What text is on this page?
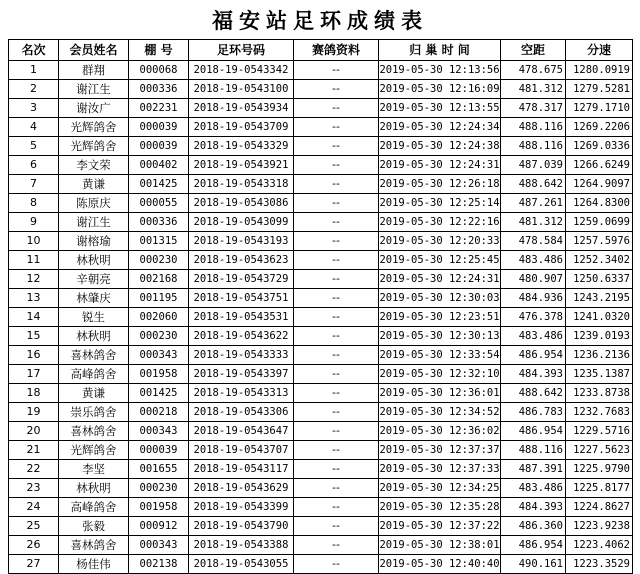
福安站足环成绩表
名次	会员姓名	棚 号	足环号码	赛鸽资料	归 巢 时 间	空距	分速
1	群翔	000068	2018-19-0543342	--	2019-05-30 12:13:56	478.675	1280.0919
2	谢江生	000336	2018-19-0543100	--	2019-05-30 12:16:09	481.312	1279.5281
3	谢汝广	002231	2018-19-0543934	--	2019-05-30 12:13:55	478.317	1279.1710
4	光辉鸽舍	000039	2018-19-0543709	--	2019-05-30 12:24:34	488.116	1269.2206
5	光辉鸽舍	000039	2018-19-0543329	--	2019-05-30 12:24:38	488.116	1269.0336
6	李文荣	000402	2018-19-0543921	--	2019-05-30 12:24:31	487.039	1266.6249
7	黄谦	001425	2018-19-0543318	--	2019-05-30 12:26:18	488.642	1264.9097
8	陈原庆	000055	2018-19-0543086	--	2019-05-30 12:25:14	487.261	1264.8300
9	谢江生	000336	2018-19-0543099	--	2019-05-30 12:22:16	481.312	1259.0699
10	谢榕瑜	001315	2018-19-0543193	--	2019-05-30 12:20:33	478.584	1257.5976
11	林秋明	000230	2018-19-0543623	--	2019-05-30 12:25:45	483.486	1252.3402
12	辛朝亮	002168	2018-19-0543729	--	2019-05-30 12:24:31	480.907	1250.6337
13	林肇庆	001195	2018-19-0543751	--	2019-05-30 12:30:03	484.936	1243.2195
14	锐生	002060	2018-19-0543531	--	2019-05-30 12:23:51	476.378	1241.0320
15	林秋明	000230	2018-19-0543622	--	2019-05-30 12:30:13	483.486	1239.0193
16	喜林鸽舍	000343	2018-19-0543333	--	2019-05-30 12:33:54	486.954	1236.2136
17	高峰鸽舍	001958	2018-19-0543397	--	2019-05-30 12:32:10	484.393	1235.1387
18	黄谦	001425	2018-19-0543313	--	2019-05-30 12:36:01	488.642	1233.8738
19	崇乐鸽舍	000218	2018-19-0543306	--	2019-05-30 12:34:52	486.783	1232.7683
20	喜林鸽舍	000343	2018-19-0543647	--	2019-05-30 12:36:02	486.954	1229.5716
21	光辉鸽舍	000039	2018-19-0543707	--	2019-05-30 12:37:37	488.116	1227.5623
22	李坚	001655	2018-19-0543117	--	2019-05-30 12:37:33	487.391	1225.9790
23	林秋明	000230	2018-19-0543629	--	2019-05-30 12:34:25	483.486	1225.8177
24	高峰鸽舍	001958	2018-19-0543399	--	2019-05-30 12:35:28	484.393	1224.8627
25	张毅	000912	2018-19-0543790	--	2019-05-30 12:37:22	486.360	1223.9238
26	喜林鸽舍	000343	2018-19-0543388	--	2019-05-30 12:38:01	486.954	1223.4062
27	杨佳伟	002138	2018-19-0543055	--	2019-05-30 12:40:40	490.161	1223.3529
